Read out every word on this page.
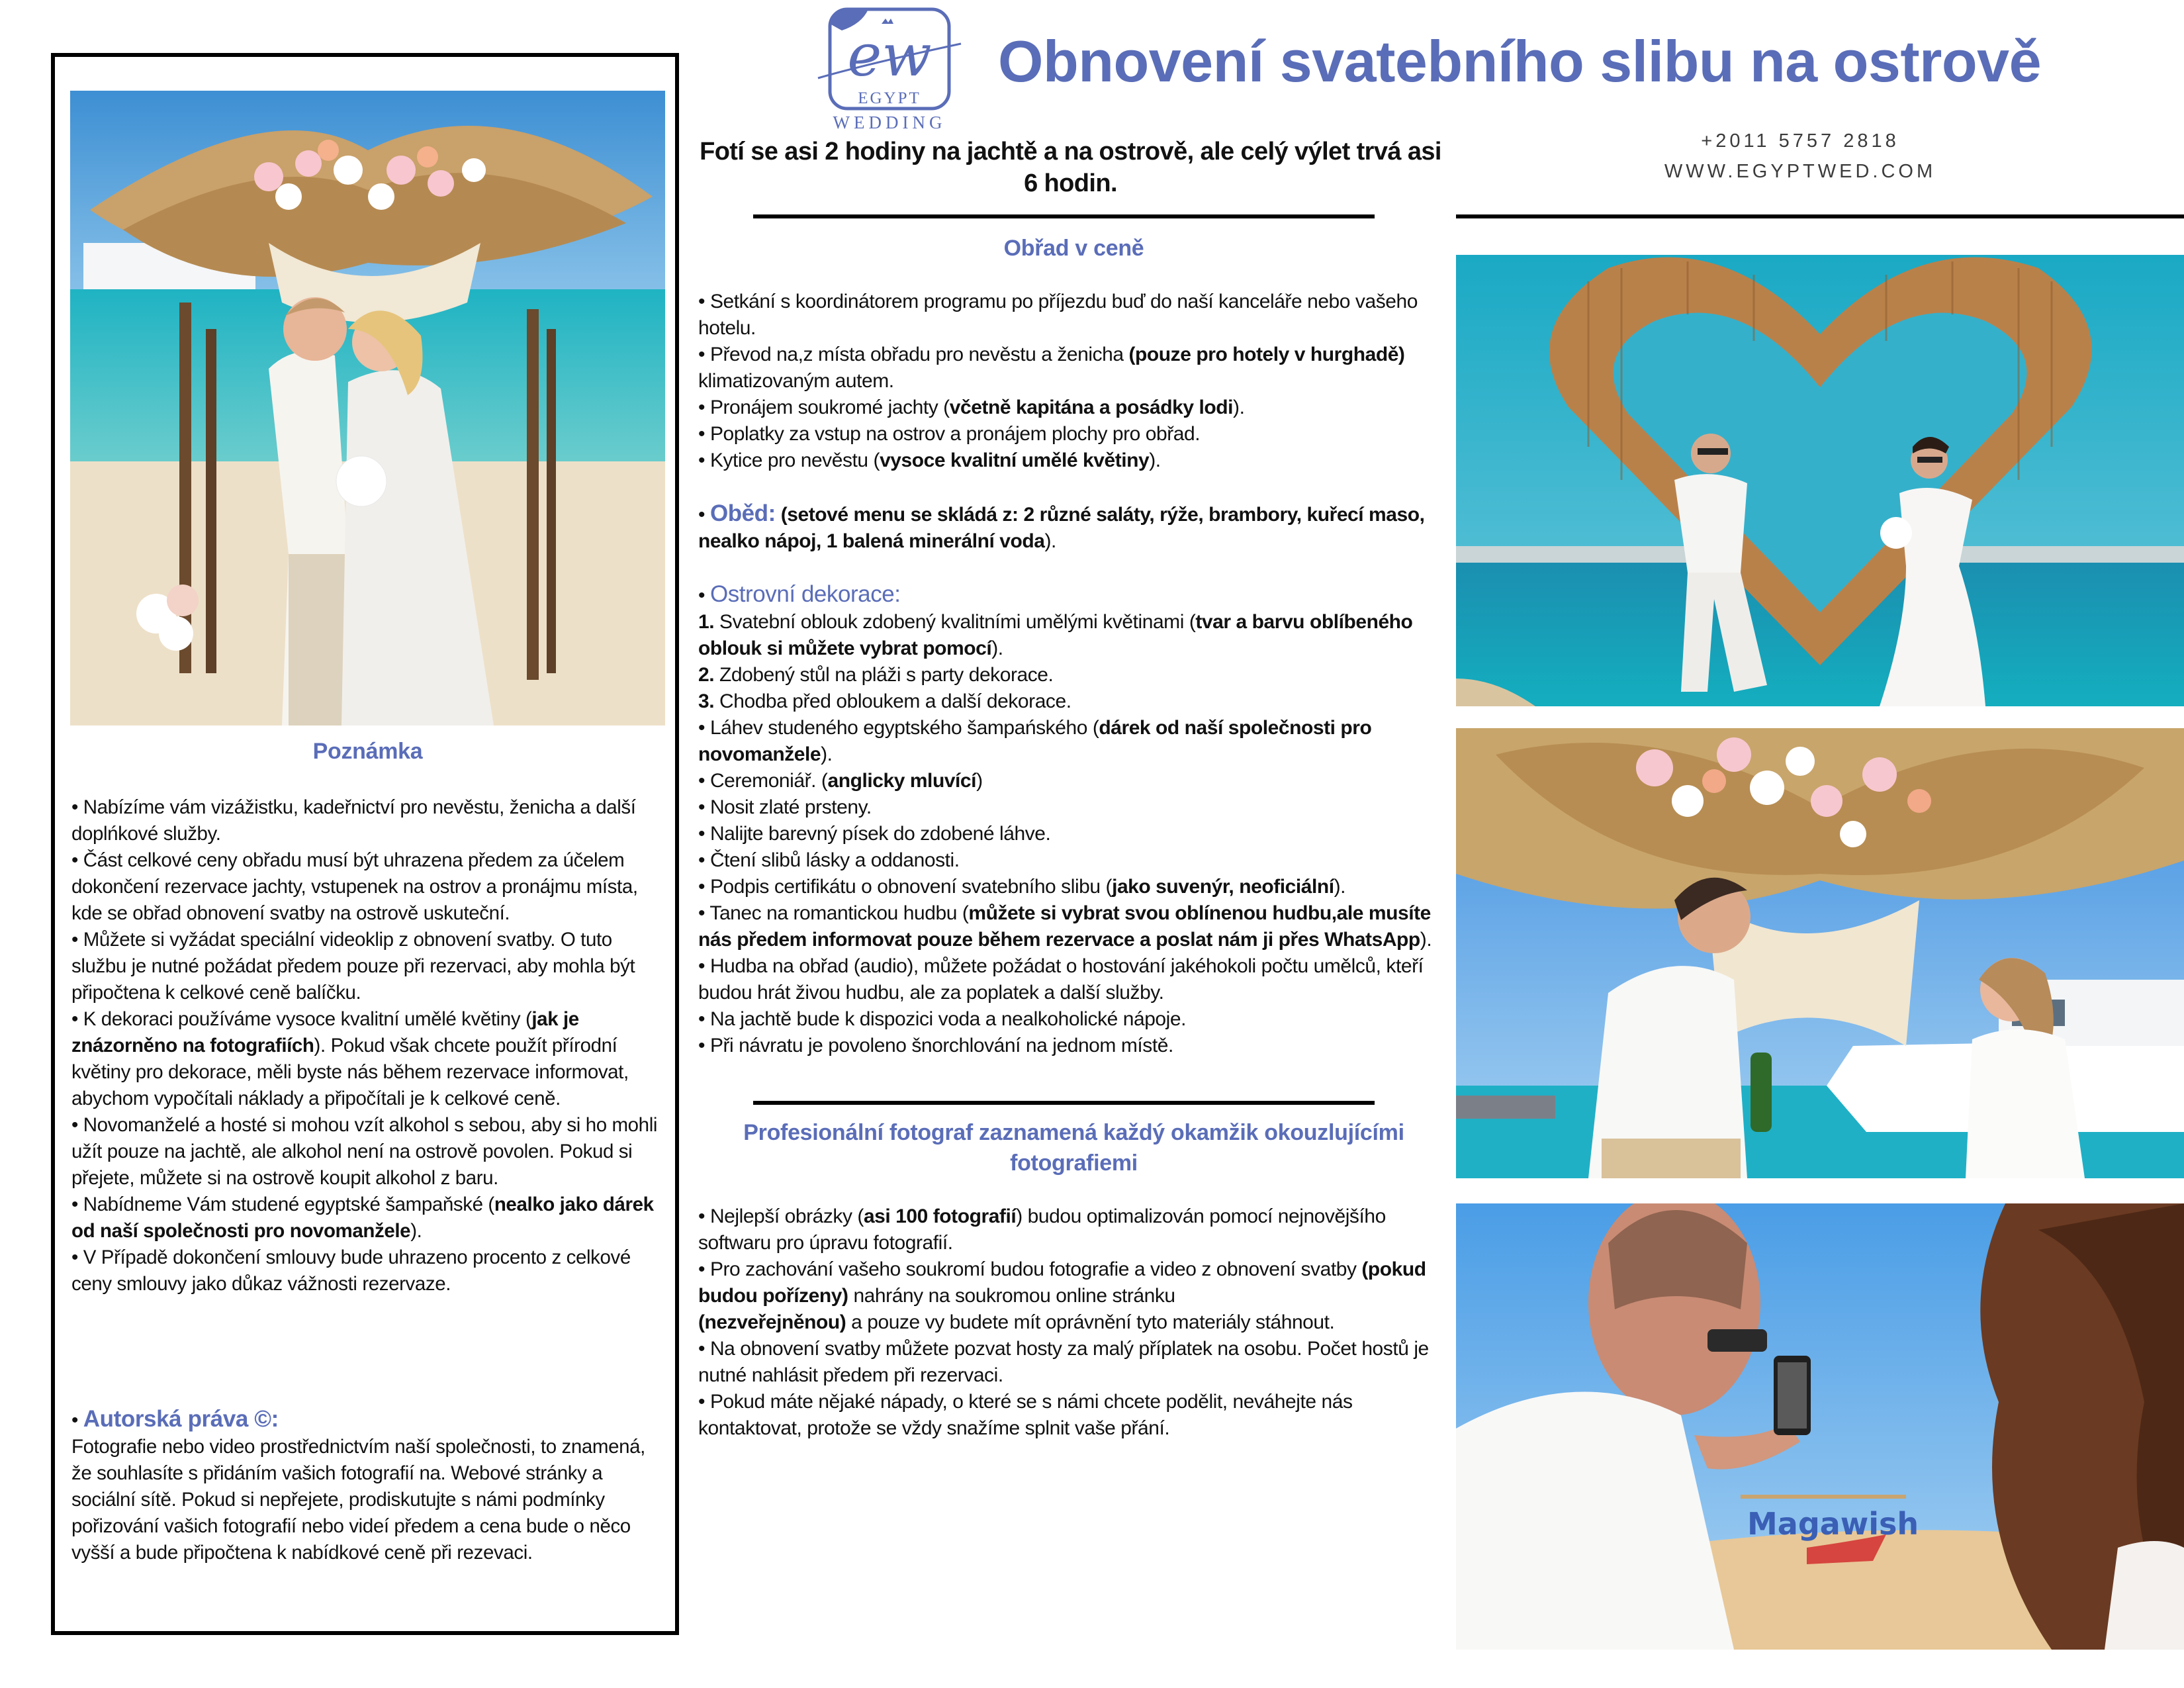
Poznámka

• Nabízíme vám vizážistku, kadeřnictví pro nevěstu, ženicha a další doplńkové služby.

• Část celkové ceny obřadu musí být uhrazena předem za účelem dokončení rezervace jachty, vstupenek na ostrov a pronájmu místa, kde se obřad obnovení svatby na ostrově uskuteční.

• Můžete si vyžádat speciální videoklip z obnovení svatby. O tuto službu je nutné požádat předem pouze při rezervaci, aby mohla být připočtena k celkové ceně balíčku.

• K dekoraci používáme vysoce kvalitní umělé květiny (jak je znázorněno na fotografiích). Pokud však chcete použít přírodní květiny pro dekorace, měli byste nás během rezervace informovat, abychom vypočítali náklady a připočítali je k celkové ceně.

• Novomanželé a hosté si mohou vzít alkohol s sebou, aby si ho mohli užít pouze na jachtě, ale alkohol není na ostrově povolen. Pokud si přejete, můžete si na ostrově koupit alkohol z baru.

• Nabídneme Vám studené egyptské šampaňské (nealko jako dárek od naší společnosti pro novomanžele).

• V Případě dokončení smlouvy bude uhrazeno procento z celkové ceny smlouvy jako důkaz vážnosti rezervaze.

• Autorská práva ©:

Fotografie nebo video prostřednictvím naší společnosti, to znamená, že souhlasíte s přidáním vašich fotografií na. Webové stránky a sociální sítě. Pokud si nepřejete, prodiskutujte s námi podmínky pořizování vašich fotografií nebo videí předem a cena bude o něco vyšší a bude připočtena k nabídkové ceně při rezevaci.

ew
EGYPT
WEDDING
Obnovení svatebního slibu na ostrově
Fotí se asi 2 hodiny na jachtě a na ostrově, ale celý výlet trvá asi
6 hodin.
+2011 5757 2818
WWW.EGYPTWED.COM
Obřad v ceně

• Setkání s koordinátorem programu po příjezdu buď do naší kanceláře nebo vašeho hotelu.

• Převod na,z místa obřadu pro nevěstu a ženicha (pouze pro hotely v hurghadě) klimatizovaným autem.

• Pronájem soukromé jachty (včetně kapitána a posádky lodi).

• Poplatky za vstup na ostrov a pronájem plochy pro obřad.

• Kytice pro nevěstu (vysoce kvalitní umělé květiny).

• Oběd: (setové menu se skládá z: 2 různé saláty, rýže, brambory, kuřecí maso, nealko nápoj, 1 balená minerální voda).

• Ostrovní dekorace:

1. Svatební oblouk zdobený kvalitními umělými květinami (tvar a barvu oblíbeného oblouk si můžete vybrat pomocí).

2. Zdobený stůl na pláži s party dekorace.

3. Chodba před obloukem a další dekorace.

• Láhev studeného egyptského šampańského (dárek od naší společnosti pro novomanžele).

• Ceremoniář. (anglicky mluvící)

• Nosit zlaté prsteny.

• Nalijte barevný písek do zdobené láhve.

• Čtení slibů lásky a oddanosti.

• Podpis certifikátu o obnovení svatebního slibu (jako suvenýr, neoficiální).

• Tanec na romantickou hudbu (můžete si vybrat svou oblínenou hudbu,ale musíte nás předem informovat pouze během rezervace a poslat nám ji přes WhatsApp).

• Hudba na obřad (audio), můžete požádat o hostování jakéhokoli počtu umělců, kteří budou hrát živou hudbu, ale za poplatek a další služby.

• Na jachtě bude k dispozici voda a nealkoholické nápoje.

• Při návratu je povoleno šnorchlování na jednom místě.

Profesionální fotograf zaznamená každý okamžik okouzlujícími
fotografiemi

• Nejlepší obrázky (asi 100 fotografií) budou optimalizován pomocí nejnovějšího softwaru pro úpravu fotografií.

• Pro zachování vašeho soukromí budou fotografie a video z obnovení svatby (pokud budou pořízeny) nahrány na soukromou online stránku

(nezveřejněnou) a pouze vy budete mít oprávnění tyto materiály stáhnout.

• Na obnovení svatby můžete pozvat hosty za malý příplatek na osobu. Počet hostů je nutné nahlásit předem při rezervaci.

• Pokud máte nějaké nápady, o které se s námi chcete podělit, neváhejte nás kontaktovat, protože se vždy snažíme splnit vaše přání.

Magawish
